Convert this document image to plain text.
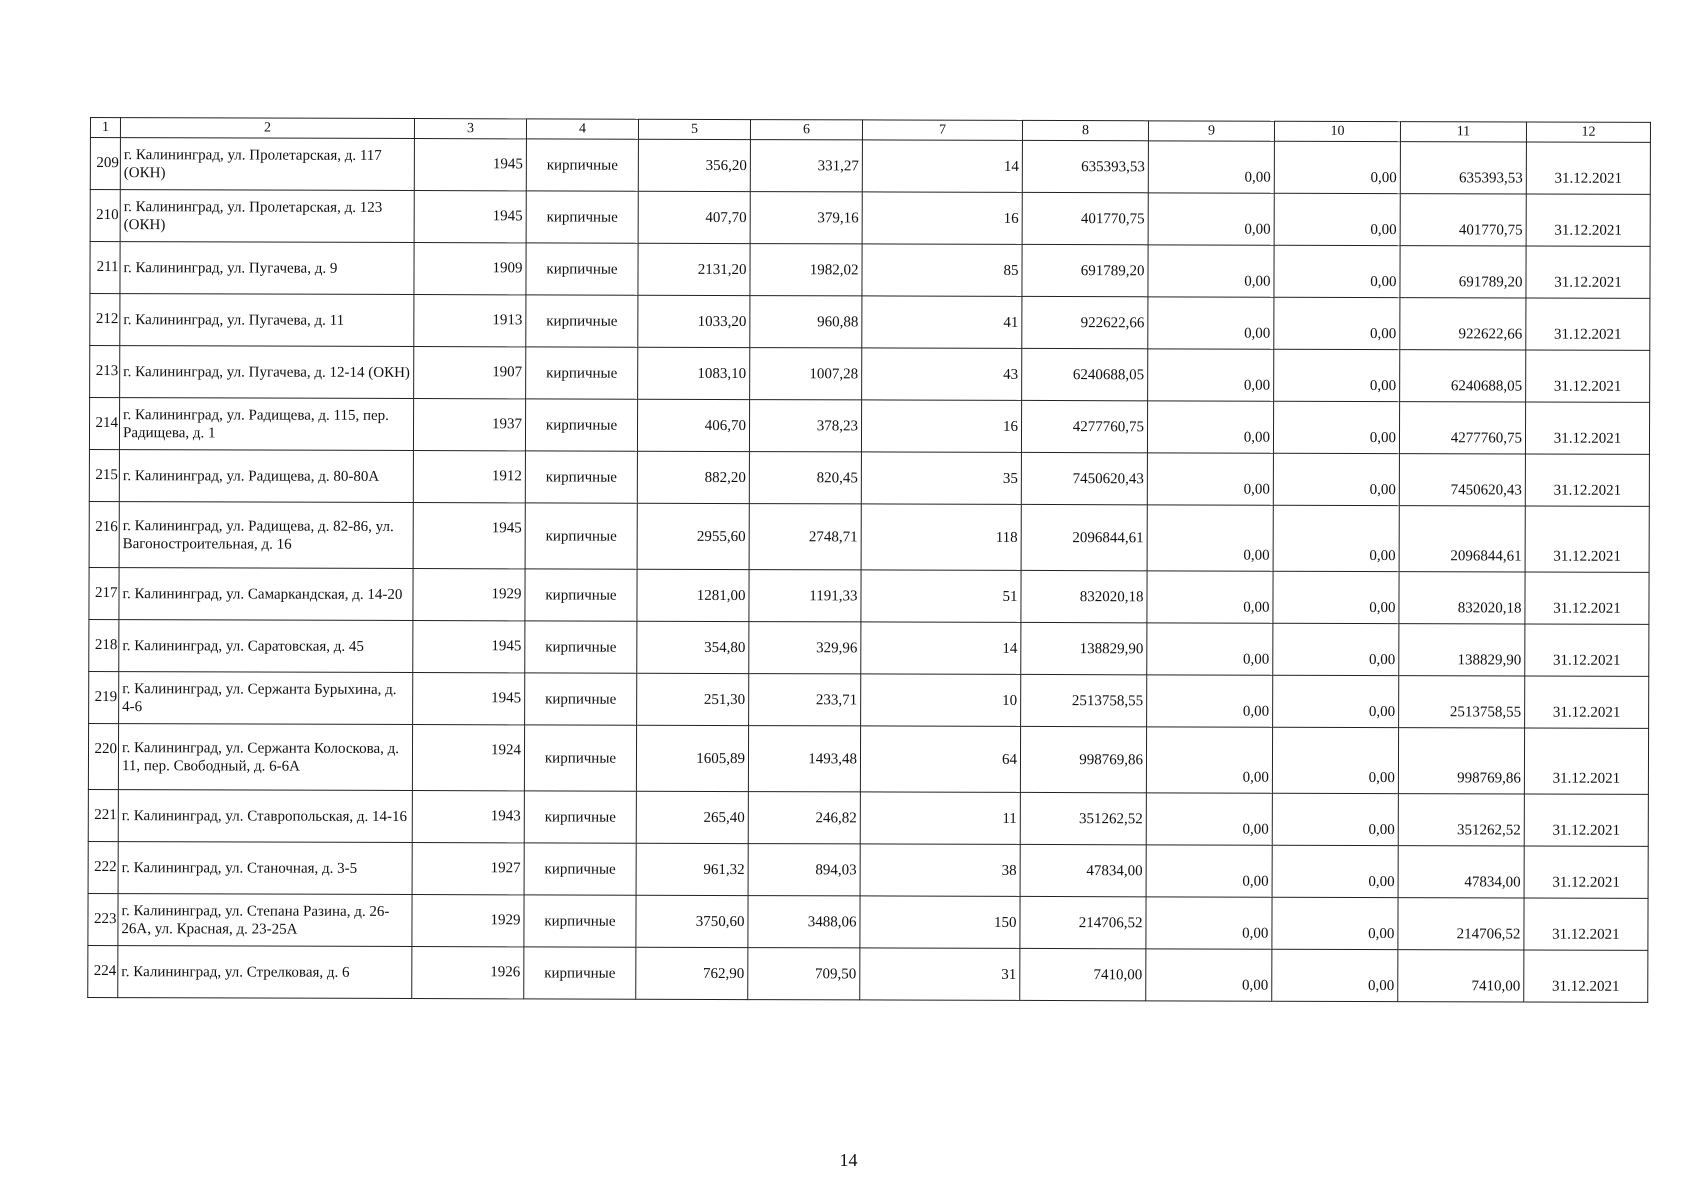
1	2	3	4	5	6	7	8	9	10	11	12
209	г. Калининград, ул. Пролетарская, д. 117 (ОКН)	1945	кирпичные	356,20	331,27	14	635393,53	0,00	0,00	635393,53	31.12.2021
210	г. Калининград, ул. Пролетарская, д. 123 (ОКН)	1945	кирпичные	407,70	379,16	16	401770,75	0,00	0,00	401770,75	31.12.2021
211	г. Калининград, ул. Пугачева, д. 9	1909	кирпичные	2131,20	1982,02	85	691789,20	0,00	0,00	691789,20	31.12.2021
212	г. Калининград, ул. Пугачева, д. 11	1913	кирпичные	1033,20	960,88	41	922622,66	0,00	0,00	922622,66	31.12.2021
213	г. Калининград, ул. Пугачева, д. 12-14 (ОКН)	1907	кирпичные	1083,10	1007,28	43	6240688,05	0,00	0,00	6240688,05	31.12.2021
214	г. Калининград, ул. Радищева, д. 115, пер. Радищева, д. 1	1937	кирпичные	406,70	378,23	16	4277760,75	0,00	0,00	4277760,75	31.12.2021
215	г. Калининград, ул. Радищева, д. 80-80А	1912	кирпичные	882,20	820,45	35	7450620,43	0,00	0,00	7450620,43	31.12.2021
216	г. Калининград, ул. Радищева, д. 82-86, ул. Вагоностроительная, д. 16	1945	кирпичные	2955,60	2748,71	118	2096844,61	0,00	0,00	2096844,61	31.12.2021
217	г. Калининград, ул. Самаркандская, д. 14-20	1929	кирпичные	1281,00	1191,33	51	832020,18	0,00	0,00	832020,18	31.12.2021
218	г. Калининград, ул. Саратовская, д. 45	1945	кирпичные	354,80	329,96	14	138829,90	0,00	0,00	138829,90	31.12.2021
219	г. Калининград, ул. Сержанта Бурыхина, д. 4-6	1945	кирпичные	251,30	233,71	10	2513758,55	0,00	0,00	2513758,55	31.12.2021
220	г. Калининград, ул. Сержанта Колоскова, д. 11, пер. Свободный, д. 6-6А	1924	кирпичные	1605,89	1493,48	64	998769,86	0,00	0,00	998769,86	31.12.2021
221	г. Калининград, ул. Ставропольская, д. 14-16	1943	кирпичные	265,40	246,82	11	351262,52	0,00	0,00	351262,52	31.12.2021
222	г. Калининград, ул. Станочная, д. 3-5	1927	кирпичные	961,32	894,03	38	47834,00	0,00	0,00	47834,00	31.12.2021
223	г. Калининград, ул. Степана Разина, д. 26-26А, ул. Красная, д. 23-25А	1929	кирпичные	3750,60	3488,06	150	214706,52	0,00	0,00	214706,52	31.12.2021
224	г. Калининград, ул. Стрелковая, д. 6	1926	кирпичные	762,90	709,50	31	7410,00	0,00	0,00	7410,00	31.12.2021
14
